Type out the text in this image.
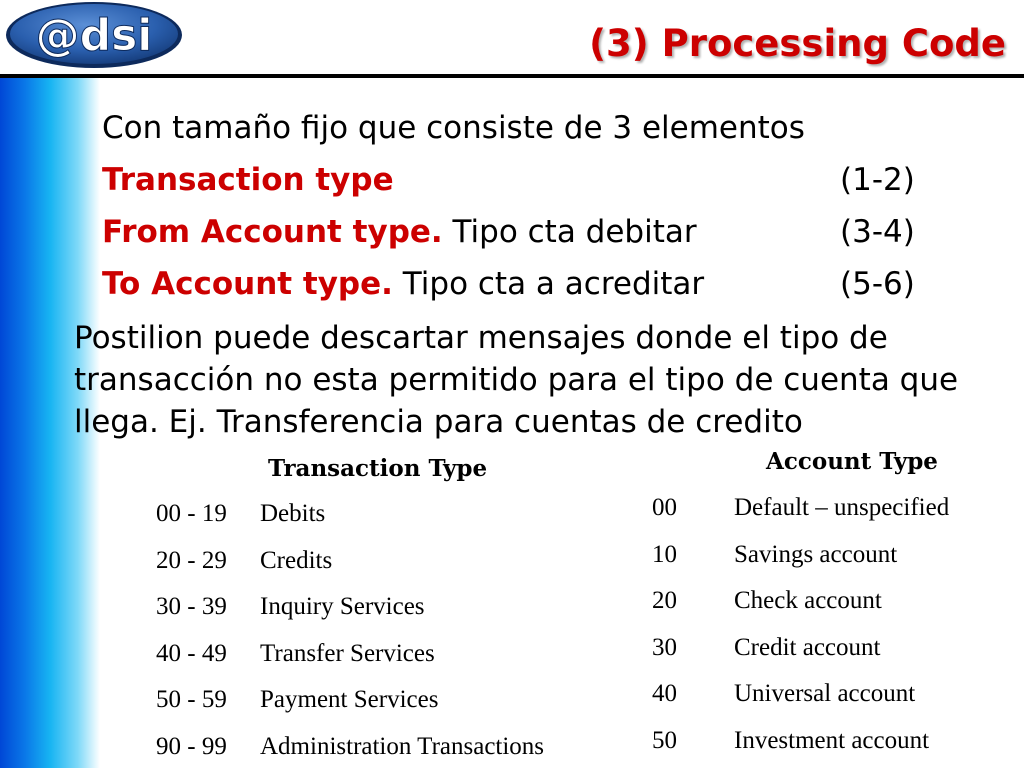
@dsi	(3) Processing Code
Con tamaño fijo que consiste de 3 elementos
Transaction type	(1-2)
From Account type. Tipo cta debitar	(3-4)
To Account type. Tipo cta a acreditar	(5-6)
Postilion puede descartar mensajes donde el tipo de transacción no esta permitido para el tipo de cuenta que llega. Ej. Transferencia para cuentas de credito
Transaction Type	Account Type
00 - 19 Debits
20 - 29 Credits
30 - 39 Inquiry Services
40 - 49 Transfer Services
50 - 59 Payment Services
90 - 99 Administration Transactions
00 Default – unspecified
10 Savings account
20 Check account
30 Credit account
40 Universal account
50 Investment account
